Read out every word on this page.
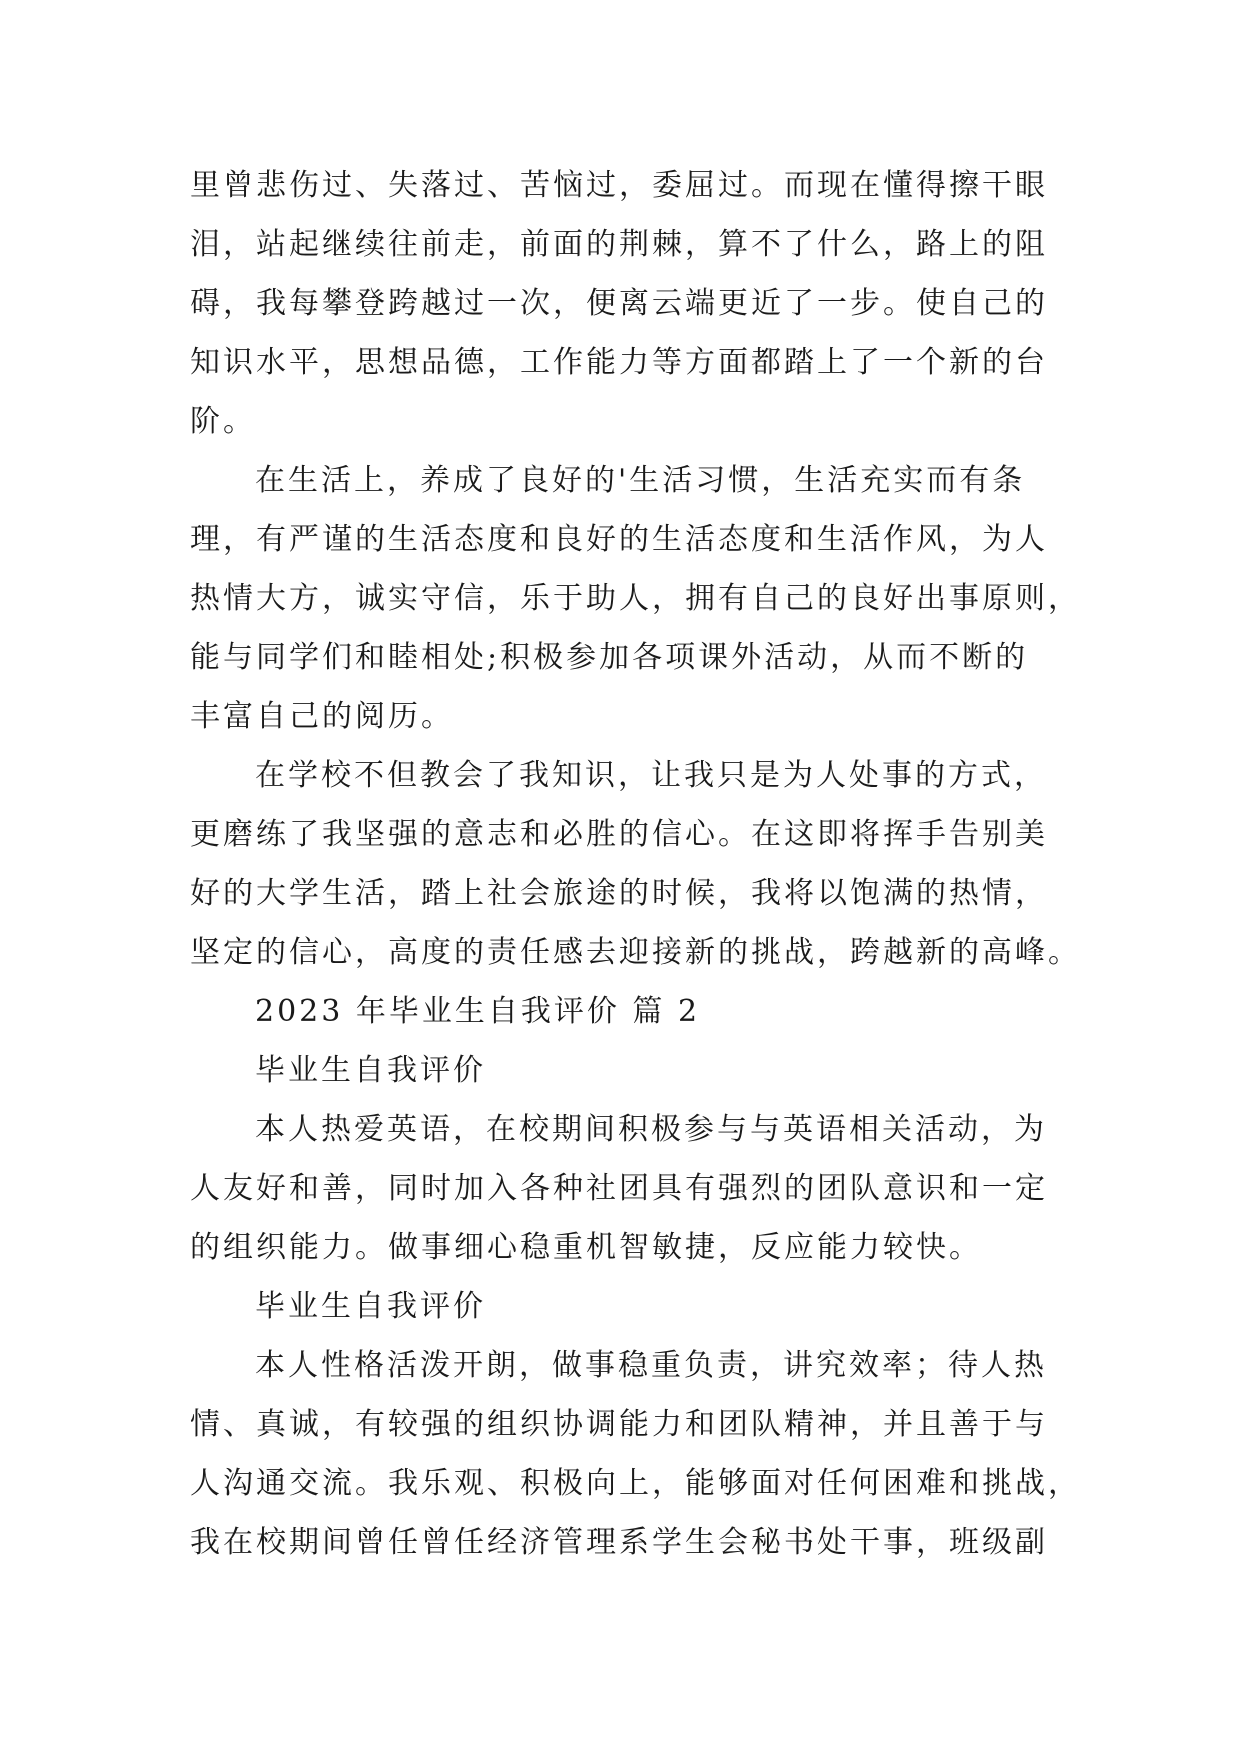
里曾悲伤过、失落过、苦恼过，委屈过。而现在懂得擦干眼
泪，站起继续往前走，前面的荆棘，算不了什么，路上的阻
碍，我每攀登跨越过一次，便离云端更近了一步。使自己的
知识水平，思想品德，工作能力等方面都踏上了一个新的台
阶。
在生活上，养成了良好的'生活习惯，生活充实而有条
理，有严谨的生活态度和良好的生活态度和生活作风，为人
热情大方，诚实守信，乐于助人，拥有自己的良好出事原则，
能与同学们和睦相处;积极参加各项课外活动，从而不断的
丰富自己的阅历。
在学校不但教会了我知识，让我只是为人处事的方式，
更磨练了我坚强的意志和必胜的信心。在这即将挥手告别美
好的大学生活，踏上社会旅途的时候，我将以饱满的热情，
坚定的信心，高度的责任感去迎接新的挑战，跨越新的高峰。
2023 年毕业生自我评价 篇 2
毕业生自我评价
本人热爱英语，在校期间积极参与与英语相关活动，为
人友好和善，同时加入各种社团具有强烈的团队意识和一定
的组织能力。做事细心稳重机智敏捷，反应能力较快。
毕业生自我评价
本人性格活泼开朗，做事稳重负责，讲究效率；待人热
情、真诚，有较强的组织协调能力和团队精神，并且善于与
人沟通交流。我乐观、积极向上，能够面对任何困难和挑战，
我在校期间曾任曾任经济管理系学生会秘书处干事，班级副
